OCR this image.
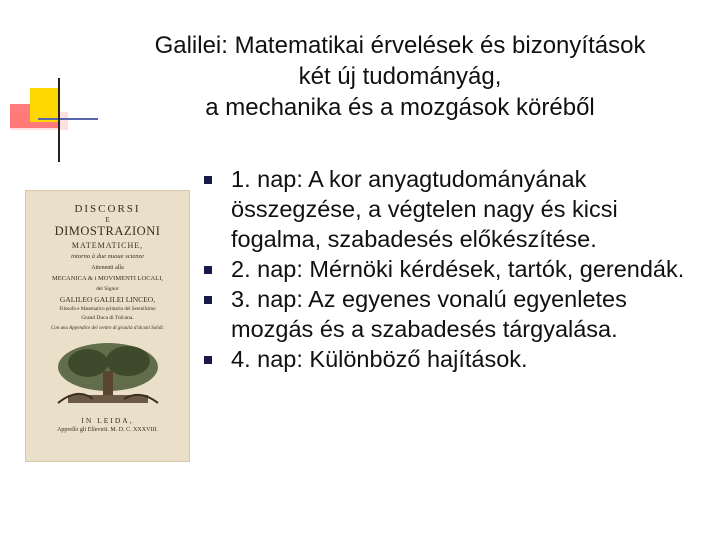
Galilei: Matematikai érvelések és bizonyítások
két új tudományág,
a mechanika és a mozgások köréből
DISCORSI
E
DIMOSTRAZIONI
MATEMATICHE,
intorno à due nuoue scienze
Attenenti alla
MECANICA & i MOVIMENTI LOCALI,
del Signor
GALILEO GALILEI LINCEO,
Filosofo e Matematico primario del Sereniſsimo
Grand Duca di Toſcana.
Con una Appendice del centro di grauità d'alcuni Solidi.
IN LEIDA,
Appreſſo gli Elſevirii. M. D. C. XXXVIII.
1. nap: A kor anyagtudományának összegzése, a végtelen nagy és kicsi fogalma, szabadesés előkészítése.
2. nap: Mérnöki kérdések, tartók, gerendák.
3. nap: Az egyenes vonalú egyenletes mozgás és a szabadesés tárgyalása.
4. nap: Különböző hajítások.
